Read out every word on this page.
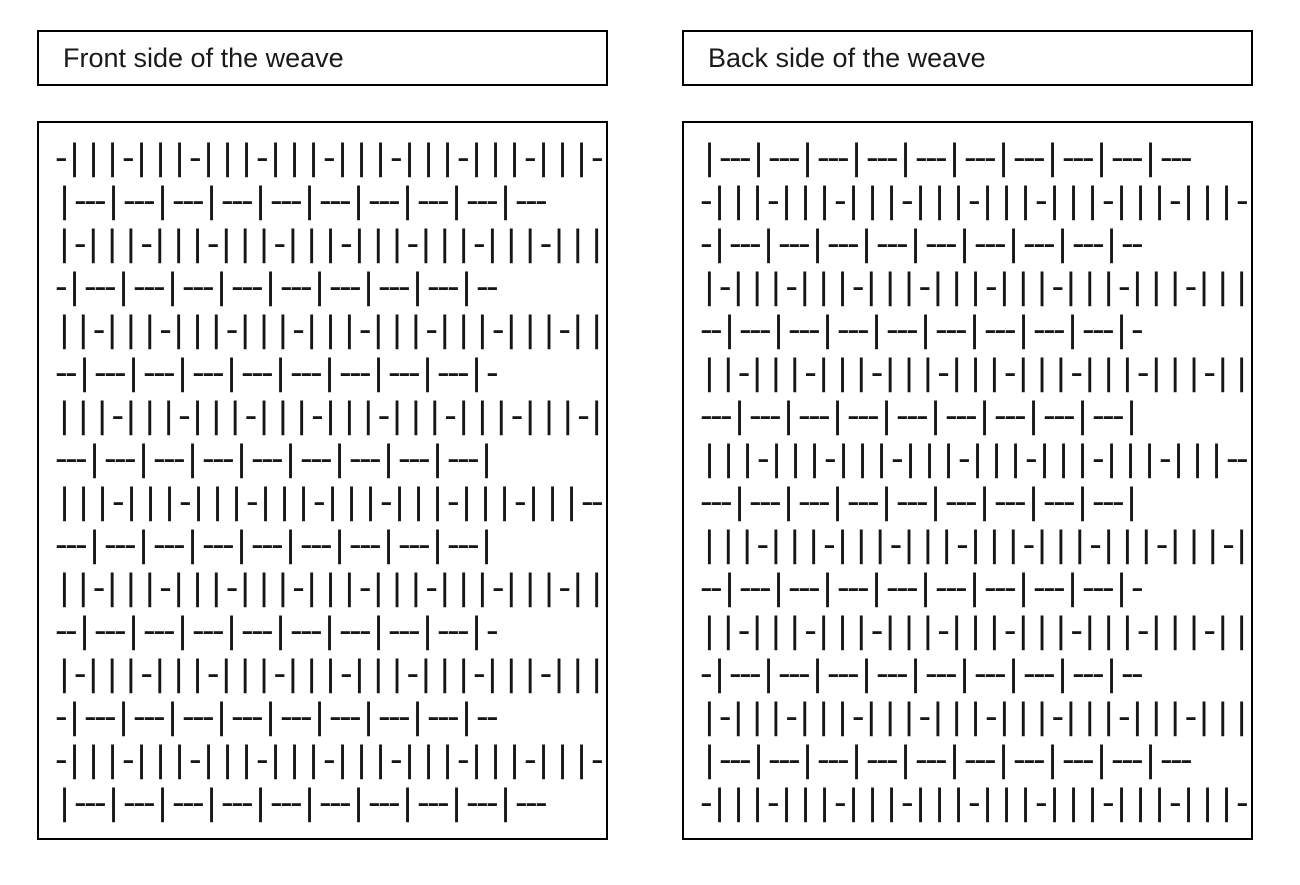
Front side of the weave	Back side of the weave
- | | | - | | | - | | | - | | | - | | | - | | | - | | | - | | | -
| -
-
- | -
-
- | -
-
- | -
-
- | -
-
- | -
-
- | -
-
- | -
-
- | -
-
- | -
-
-
| - | | | - | | | - | | | - | | | - | | | - | | | - | | | - | | |
- | -
-
- | -
-
- | -
-
- | -
-
- | -
-
- | -
-
- | -
-
- | -
-
- | -
-
| | - | | | - | | | - | | | - | | | - | | | - | | | - | | | - | |
-
- | -
-
- | -
-
- | -
-
- | -
-
- | -
-
- | -
-
- | -
-
- | -
-
- | -
| | | - | | | - | | | - | | | - | | | - | | | - | | | - | | | - |
-
-
- | -
-
- | -
-
- | -
-
- | -
-
- | -
-
- | -
-
- | -
-
- | -
-
- |
| | | - | | | - | | | - | | | - | | | - | | | - | | | - | | | -
-
-
-
- | -
-
- | -
-
- | -
-
- | -
-
- | -
-
- | -
-
- | -
-
- | -
-
- |
| | - | | | - | | | - | | | - | | | - | | | - | | | - | | | - | |
-
- | -
-
- | -
-
- | -
-
- | -
-
- | -
-
- | -
-
- | -
-
- | -
-
- | -
| - | | | - | | | - | | | - | | | - | | | - | | | - | | | - | | |
- | -
-
- | -
-
- | -
-
- | -
-
- | -
-
- | -
-
- | -
-
- | -
-
- | -
-
- | | | - | | | - | | | - | | | - | | | - | | | - | | | - | | | -
| -
-
- | -
-
- | -
-
- | -
-
- | -
-
- | -
-
- | -
-
- | -
-
- | -
-
- | -
-
-
| -
-
- | -
-
- | -
-
- | -
-
- | -
-
- | -
-
- | -
-
- | -
-
- | -
-
- | -
-
-
- | | | - | | | - | | | - | | | - | | | - | | | - | | | - | | | -
- | -
-
- | -
-
- | -
-
- | -
-
- | -
-
- | -
-
- | -
-
- | -
-
- | -
-
| - | | | - | | | - | | | - | | | - | | | - | | | - | | | - | | |
-
- | -
-
- | -
-
- | -
-
- | -
-
- | -
-
- | -
-
- | -
-
- | -
-
- | -
| | - | | | - | | | - | | | - | | | - | | | - | | | - | | | - | |
-
-
- | -
-
- | -
-
- | -
-
- | -
-
- | -
-
- | -
-
- | -
-
- | -
-
- |
| | | - | | | - | | | - | | | - | | | - | | | - | | | - | | | -
-
-
-
- | -
-
- | -
-
- | -
-
- | -
-
- | -
-
- | -
-
- | -
-
- | -
-
- |
| | | - | | | - | | | - | | | - | | | - | | | - | | | - | | | - |
-
- | -
-
- | -
-
- | -
-
- | -
-
- | -
-
- | -
-
- | -
-
- | -
-
- | -
| | - | | | - | | | - | | | - | | | - | | | - | | | - | | | - | |
- | -
-
- | -
-
- | -
-
- | -
-
- | -
-
- | -
-
- | -
-
- | -
-
- | -
-
| - | | | - | | | - | | | - | | | - | | | - | | | - | | | - | | |
| -
-
- | -
-
- | -
-
- | -
-
- | -
-
- | -
-
- | -
-
- | -
-
- | -
-
- | -
-
-
- | | | - | | | - | | | - | | | - | | | - | | | - | | | - | | | -
